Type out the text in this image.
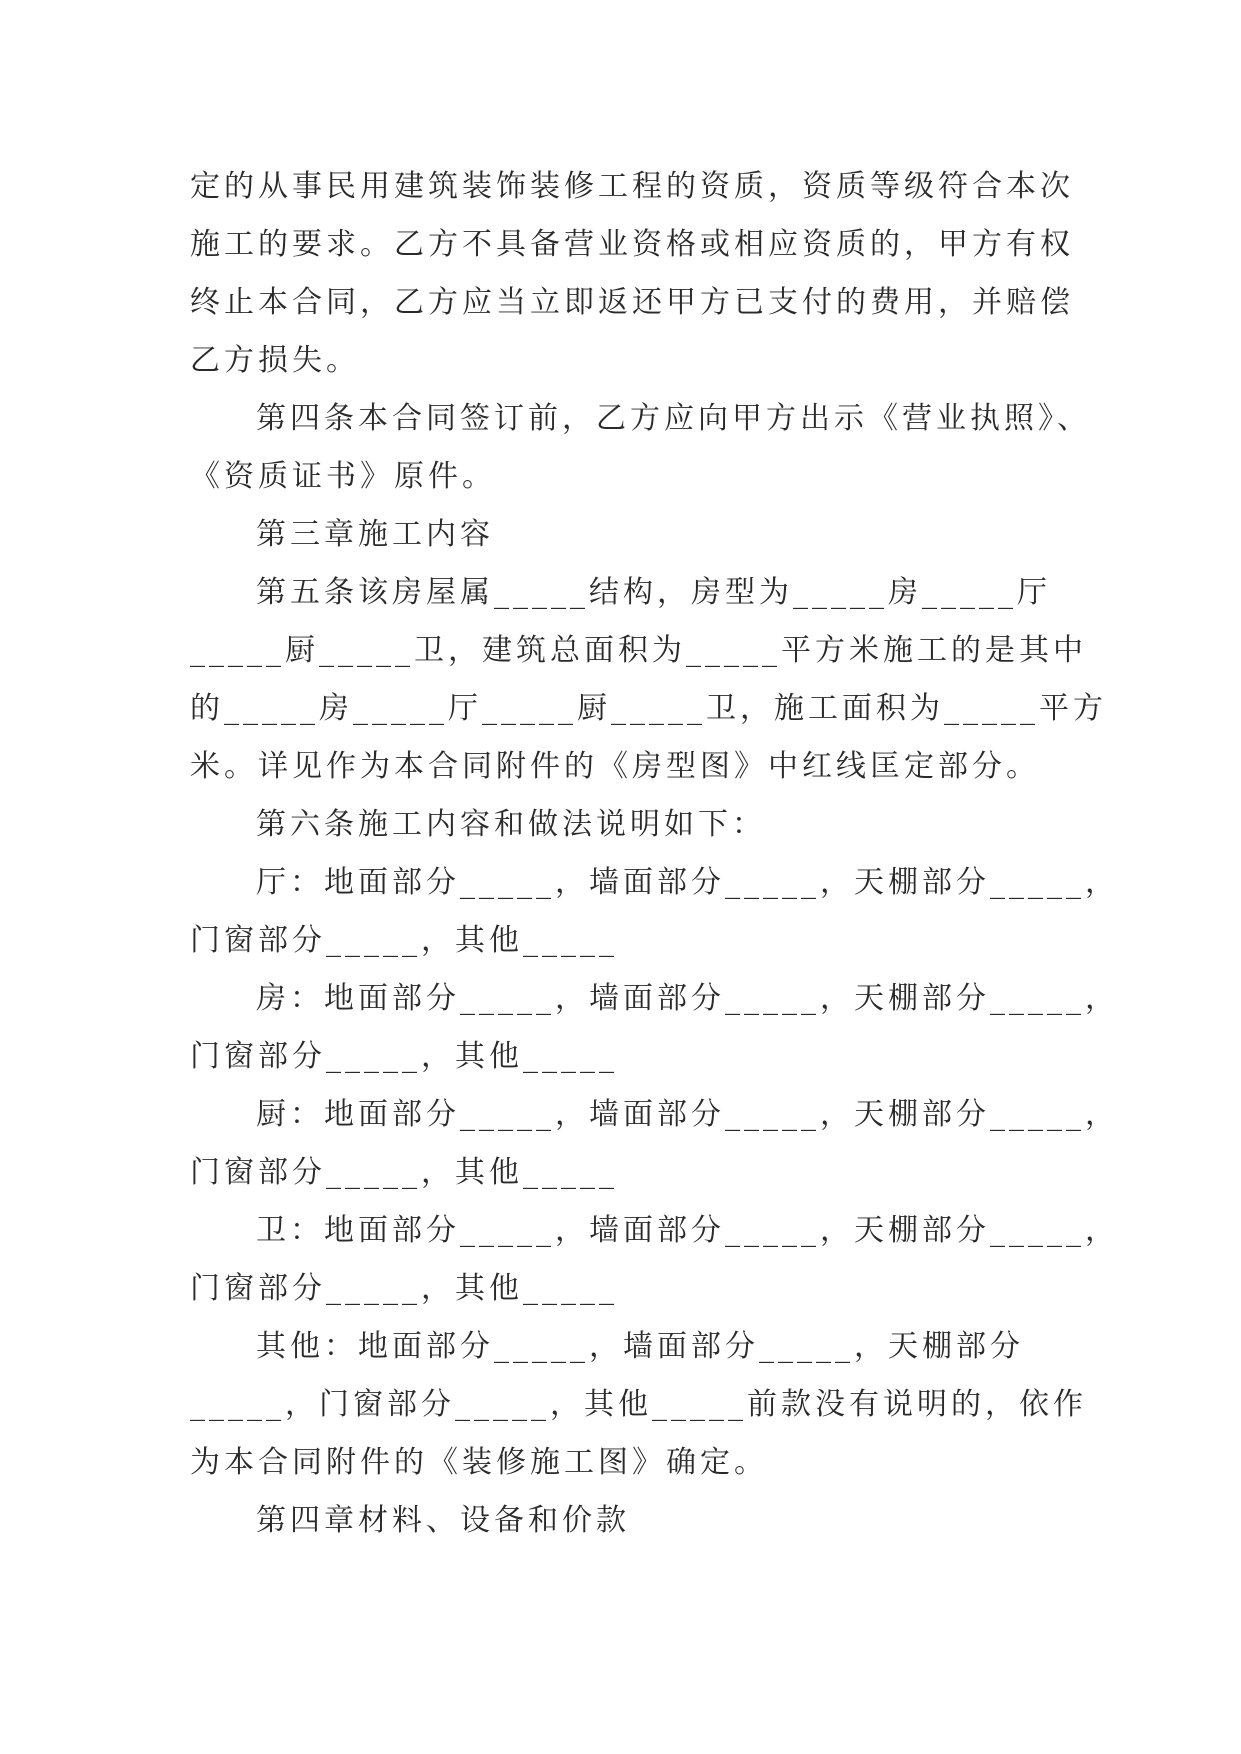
定的从事民用建筑装饰装修工程的资质，资质等级符合本次
施工的要求。乙方不具备营业资格或相应资质的，甲方有权
终止本合同，乙方应当立即返还甲方已支付的费用，并赔偿
乙方损失。
第四条本合同签订前，乙方应向甲方出示《营业执照》、
《资质证书》原件。
第三章施工内容
第五条该房屋属_____结构，房型为_____房_____厅
_____厨_____卫，建筑总面积为_____平方米施工的是其中
的_____房_____厅_____厨_____卫，施工面积为_____平方
米。详见作为本合同附件的《房型图》中红线匡定部分。
第六条施工内容和做法说明如下：
厅：地面部分_____，墙面部分_____，天棚部分_____，
门窗部分_____，其他_____
房：地面部分_____，墙面部分_____，天棚部分_____，
门窗部分_____，其他_____
厨：地面部分_____，墙面部分_____，天棚部分_____，
门窗部分_____，其他_____
卫：地面部分_____，墙面部分_____，天棚部分_____，
门窗部分_____，其他_____
其他：地面部分_____，墙面部分_____，天棚部分
_____，门窗部分_____，其他_____前款没有说明的，依作
为本合同附件的《装修施工图》确定。
第四章材料、设备和价款
